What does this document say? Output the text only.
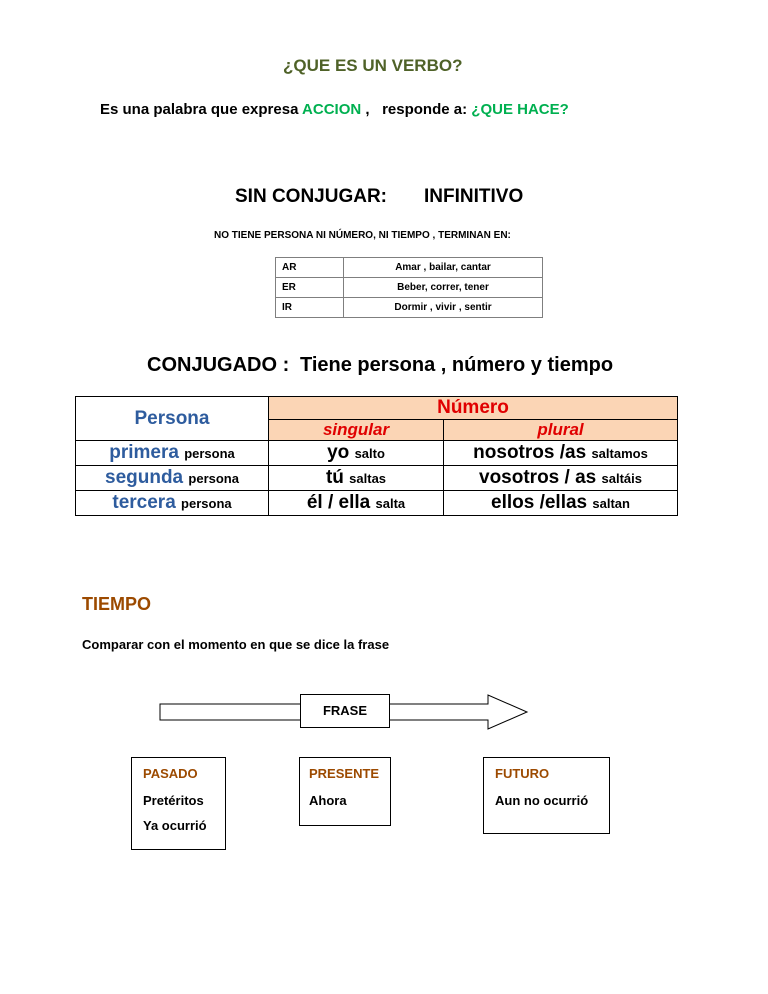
¿QUE ES UN VERBO?
Es una palabra que expresa ACCION , responde a: ¿QUE HACE?
SIN CONJUGAR: INFINITIVO
NO TIENE PERSONA NI NÚMERO, NI TIEMPO , TERMINAN EN:
AR	Amar , bailar, cantar
ER	Beber, correr, tener
IR	Dormir , vivir , sentir
CONJUGADO : Tiene persona , número y tiempo
Persona	Número	
	singular	plural
primera persona	yo salto	nosotros /as saltamos
segunda persona	tú saltas	vosotros / as saltáis
tercera persona	él / ella salta	ellos /ellas saltan
TIEMPO
Comparar con el momento en que se dice la frase
FRASE
PASADO
Pretéritos
Ya ocurrió
PRESENTE
Ahora
FUTURO
Aun no ocurrió
